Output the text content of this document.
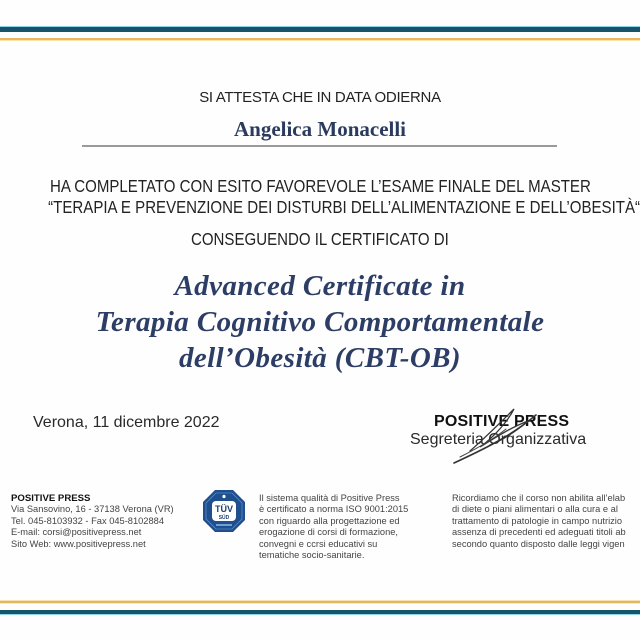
SI ATTESTA CHE IN DATA ODIERNA
Angelica Monacelli
HA COMPLETATO CON ESITO FAVOREVOLE L’ESAME FINALE DEL MASTER
“TERAPIA E PREVENZIONE DEI DISTURBI DELL’ALIMENTAZIONE E DELL’OBESITÀ“
CONSEGUENDO IL CERTIFICATO DI
Advanced Certificate in
Terapia Cognitivo Comportamentale
dell’Obesità (CBT-OB)
Verona, 11 dicembre 2022	POSITIVE PRESS
Segreteria Organizzativa
POSITIVE PRESS
Via Sansovino, 16 - 37138 Verona (VR)
Tel. 045-8103932 - Fax 045-8102884
E-mail: corsi@positivepress.net
Sito Web: www.positivepress.net
TÜV
SÜD
Il sistema qualità di Positive Press
è certificato a norma ISO 9001:2015
con riguardo alla progettazione ed
erogazione di corsi di formazione,
convegni e ccrsi educativi su
tematiche socio-sanitarie.
Ricordiamo che il corso non abilita all’elab
di diete o piani alimentari o alla cura e al
trattamento di patologie in campo nutrizio
assenza di precedenti ed adeguati titoli ab
secondo quanto disposto dalle leggi vigen
